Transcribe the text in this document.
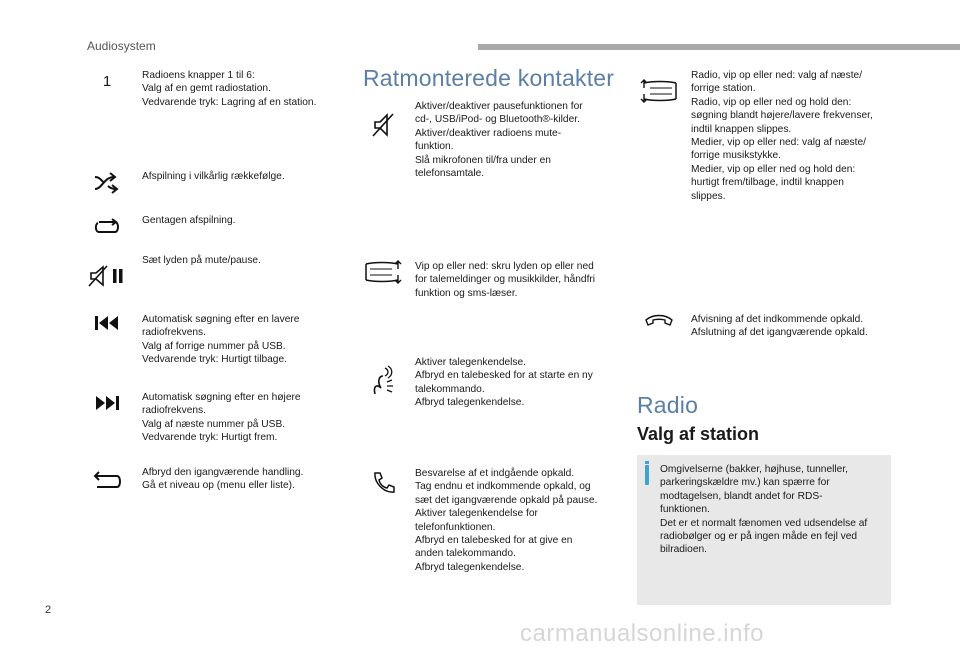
Audiosystem
1	Radioens knapper 1 til 6:
Valg af en gemt radiostation.
Vedvarende tryk: Lagring af en station.
Afspilning i vilkårlig rækkefølge.
Gentagen afspilning.
Sæt lyden på mute/pause.
Automatisk søgning efter en lavere
radiofrekvens.
Valg af forrige nummer på USB.
Vedvarende tryk: Hurtigt tilbage.
Automatisk søgning efter en højere
radiofrekvens.
Valg af næste nummer på USB.
Vedvarende tryk: Hurtigt frem.
Afbryd den igangværende handling.
Gå et niveau op (menu eller liste).
Ratmonterede kontakter
Aktiver/deaktiver pausefunktionen for
cd-, USB/iPod- og Bluetooth®-kilder.
Aktiver/deaktiver radioens mute-
funktion.
Slå mikrofonen til/fra under en
telefonsamtale.
Vip op eller ned: skru lyden op eller ned
for talemeldinger og musikkilder, håndfri
funktion og sms-læser.
Aktiver talegenkendelse.
Afbryd en talebesked for at starte en ny
talekommando.
Afbryd talegenkendelse.
Besvarelse af et indgående opkald.
Tag endnu et indkommende opkald, og
sæt det igangværende opkald på pause.
Aktiver talegenkendelse for
telefonfunktionen.
Afbryd en talebesked for at give en
anden talekommando.
Afbryd talegenkendelse.
Radio, vip op eller ned: valg af næste/
forrige station.
Radio, vip op eller ned og hold den:
søgning blandt højere/lavere frekvenser,
indtil knappen slippes.
Medier, vip op eller ned: valg af næste/
forrige musikstykke.
Medier, vip op eller ned og hold den:
hurtigt frem/tilbage, indtil knappen
slippes.
Afvisning af det indkommende opkald.
Afslutning af det igangværende opkald.
Radio
Valg af station
Omgivelserne (bakker, højhuse, tunneller,
parkeringskældre mv.) kan spærre for
modtagelsen, blandt andet for RDS-
funktionen.
Det er et normalt fænomen ved udsendelse af
radiobølger og er på ingen måde en fejl ved
bilradioen.
2
carmanualsonline.info
